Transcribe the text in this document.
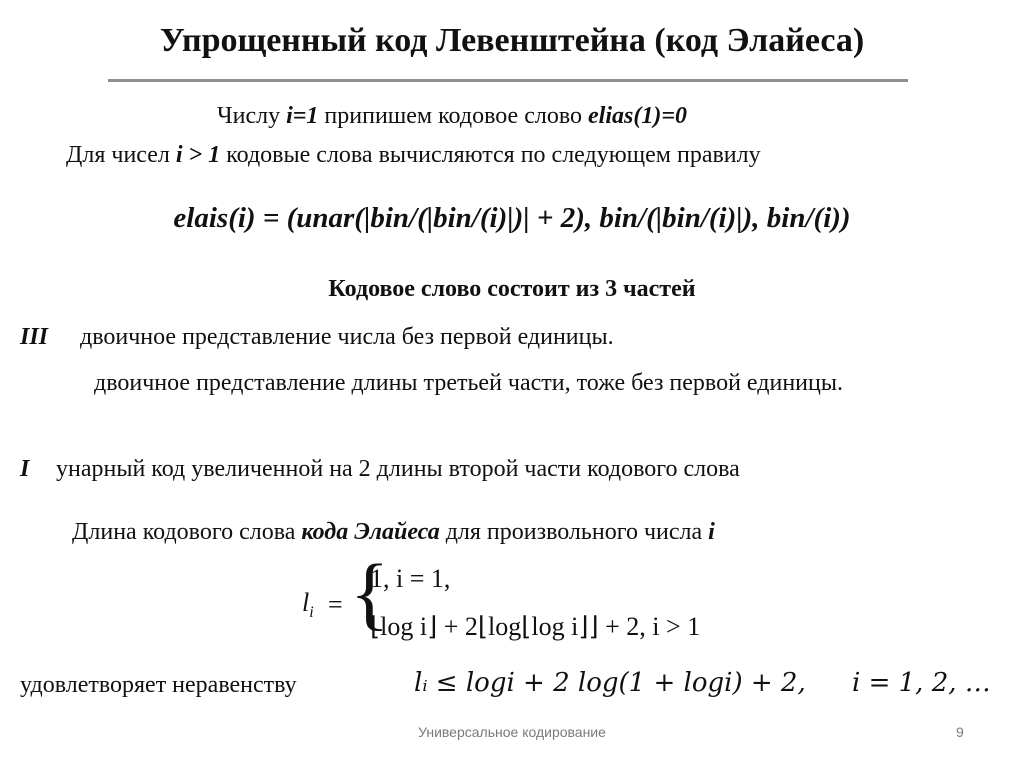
Упрощенный код Левенштейна (код Элайеса)
Числу i=1 припишем кодовое слово elias(1)=0
Для чисел i > 1 кодовые слова вычисляются по следующем правилу
elais(i) = (unar(|bin/(|bin/(i)|)| + 2), bin/(|bin/(i)|), bin/(i))
Кодовое слово состоит из 3 частей
III двоичное представление числа без первой единицы.
двоичное представление длины третьей части, тоже без первой единицы.
I унарный код увеличенной на 2 длины второй части кодового слова
Длина кодового слова кода Элайеса для произвольного числа i
$l_i$ = {
1, i = 1,
⌊log i⌋ + 2⌊log⌊log i⌋⌋ + 2, i > 1
удовлетворяет неравенству	lᵢ ≤ logi + 2 log(1 + logi) + 2, i = 1, 2, …
Универсальное кодирование	9
